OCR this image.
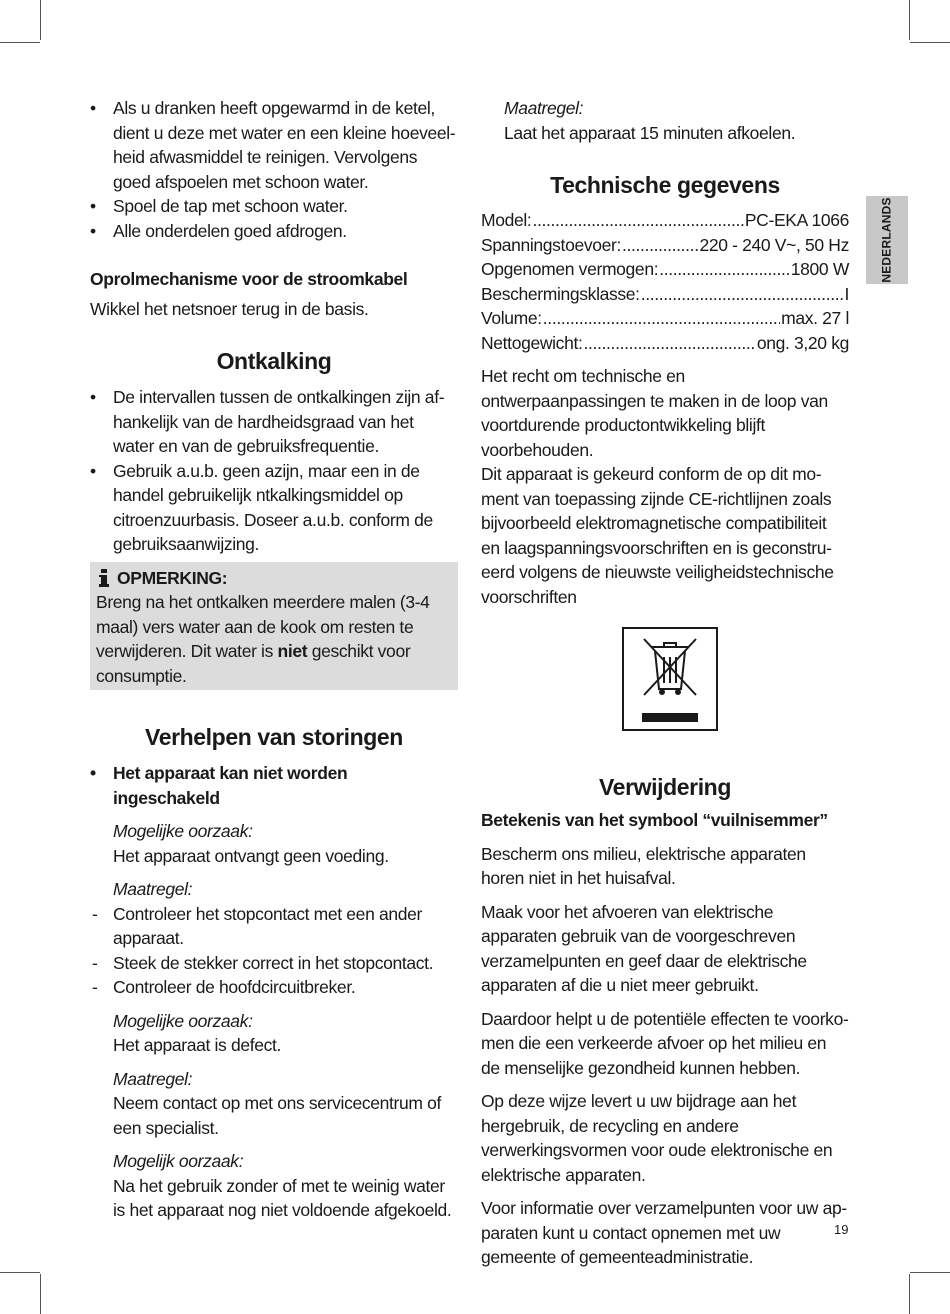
• Als u dranken heeft opgewarmd in de ketel, dient u deze met water en een kleine hoeveelheid afwasmiddel te reinigen. Vervolgens goed afspoelen met schoon water.
• Spoel de tap met schoon water.
• Alle onderdelen goed afdrogen.

Oprolmechanisme voor de stroomkabel

Wikkel het netsnoer terug in de basis.

Ontkalking
• De intervallen tussen de ontkalkingen zijn afhankelijk van de hardheidsgraad van het water en van de gebruiksfrequentie.
• Gebruik a.u.b. geen azijn, maar een in de handel gebruikelijk ntkalkingsmiddel op citroenzuurbasis. Doseer a.u.b. conform de gebruiksaanwijzing.
OPMERKING:

Breng na het ontkalken meerdere malen (3-4 maal) vers water aan de kook om resten te verwijderen. Dit water is niet geschikt voor consumptie.

Verhelpen van storingen
• Het apparaat kan niet worden ingeschakeld

Mogelijke oorzaak:

Het apparaat ontvangt geen voeding.

Maatregel:

- Controleer het stopcontact met een ander apparaat.
- Steek de stekker correct in het stopcontact.
- Controleer de hoofdcircuitbreker.

Mogelijke oorzaak:

Het apparaat is defect.

Maatregel:

Neem contact op met ons servicecentrum of een specialist.

Mogelijk oorzaak:

Na het gebruik zonder of met te weinig water is het apparaat nog niet voldoende afgekoeld.

Maatregel:

Laat het apparaat 15 minuten afkoelen.

Technische gegevens
Model: .....	PC-EKA 1066
Spanningstoevoer: .....	220 - 240 V~, 50 Hz
Opgenomen vermogen: .....	1800 W
Beschermingsklasse: .....	I
Volume: .....	max. 27 l
Nettogewicht: .....	ong. 3,20 kg

Het recht om technische en ontwerpaanpassingen te maken in de loop van voortdurende productontwikkeling blijft voorbehouden.

Dit apparaat is gekeurd conform de op dit moment van toepassing zijnde CE-richtlijnen zoals bijvoorbeeld elektromagnetische compatibiliteit en laagspanningsvoorschriften en is geconstrueerd volgens de nieuwste veiligheidstechnische voorschriften

Verwijdering

Betekenis van het symbool “vuilnisemmer”

Bescherm ons milieu, elektrische apparaten horen niet in het huisafval.

Maak voor het afvoeren van elektrische apparaten gebruik van de voorgeschreven verzamelpunten en geef daar de elektrische apparaten af die u niet meer gebruikt.

Daardoor helpt u de potentiële effecten te voorkomen die een verkeerde afvoer op het milieu en de menselijke gezondheid kunnen hebben.

Op deze wijze levert u uw bijdrage aan het hergebruik, de recycling en andere verwerkingsvormen voor oude elektronische en elektrische apparaten.

Voor informatie over verzamelpunten voor uw apparaten kunt u contact opnemen met uw gemeente of gemeenteadministratie.

NEDERLANDS
19
